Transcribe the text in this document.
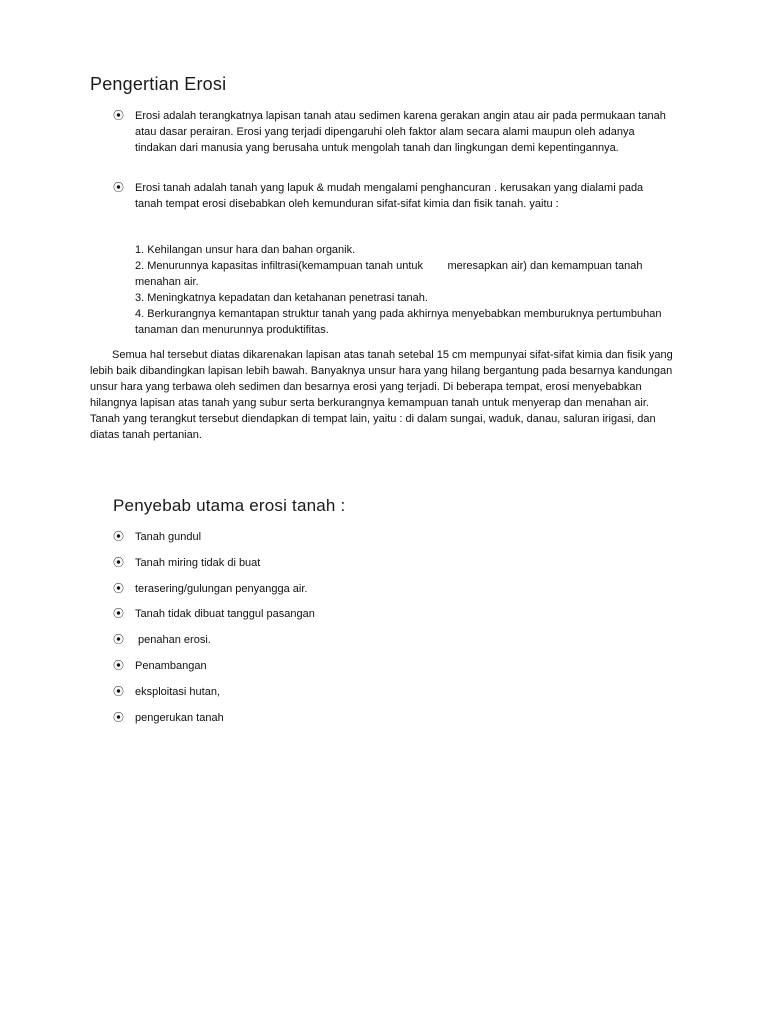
Pengertian Erosi
⦿	Erosi adalah terangkatnya lapisan tanah atau sedimen karena gerakan angin atau air pada permukaan tanah atau dasar perairan. Erosi yang terjadi dipengaruhi oleh faktor alam secara alami maupun oleh adanya tindakan dari manusia yang berusaha untuk mengolah tanah dan lingkungan demi kepentingannya.
⦿	Erosi tanah adalah tanah yang lapuk & mudah mengalami penghancuran . kerusakan yang dialami pada tanah tempat erosi disebabkan oleh kemunduran sifat-sifat kimia dan fisik tanah. yaitu :
1. Kehilangan unsur hara dan bahan organik.
2. Menurunnya kapasitas infiltrasi(kemampuan tanah untuk        meresapkan air) dan kemampuan tanah menahan air.
3. Meningkatnya kepadatan dan ketahanan penetrasi tanah.
4. Berkurangnya kemantapan struktur tanah yang pada akhirnya menyebabkan memburuknya pertumbuhan tanaman dan menurunnya produktifitas.
Semua hal tersebut diatas dikarenakan lapisan atas tanah setebal 15 cm mempunyai sifat-sifat kimia dan fisik yang lebih baik dibandingkan lapisan lebih bawah. Banyaknya unsur hara yang hilang bergantung pada besarnya kandungan unsur hara yang terbawa oleh sedimen dan besarnya erosi yang terjadi. Di beberapa tempat, erosi menyebabkan hilangnya lapisan atas tanah yang subur serta berkurangnya kemampuan tanah untuk menyerap dan menahan air. Tanah yang terangkut tersebut diendapkan di tempat lain, yaitu : di dalam sungai, waduk, danau, saluran irigasi, dan diatas tanah pertanian.
Penyebab utama erosi tanah :
⦿	Tanah gundul
⦿	Tanah miring tidak di buat
⦿	terasering/gulungan penyangga air.
⦿	Tanah tidak dibuat tanggul pasangan
⦿	penahan erosi.
⦿	Penambangan
⦿	eksploitasi hutan,
⦿	pengerukan tanah
